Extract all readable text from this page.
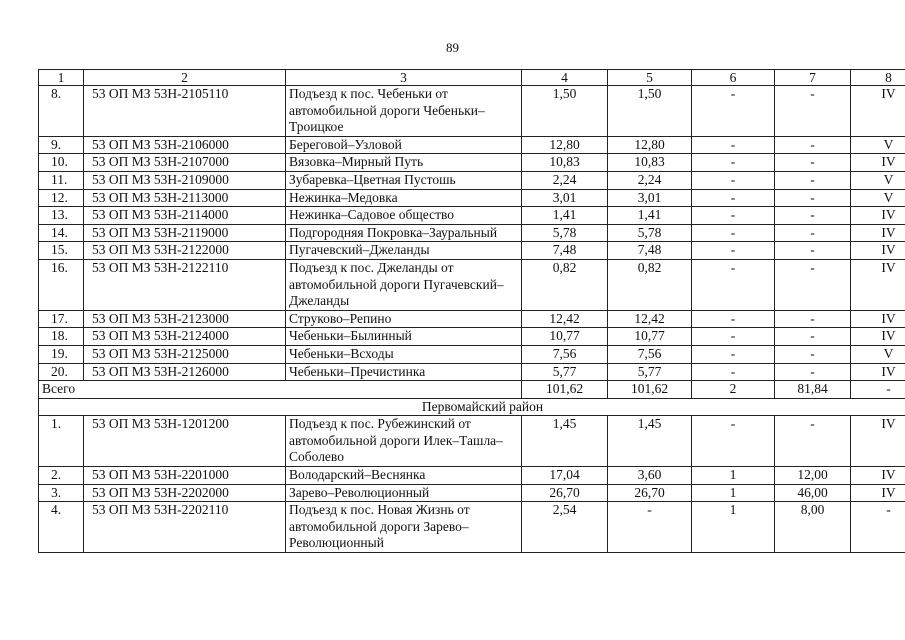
89
1	2	3	4	5	6	7	8
8.	53 ОП МЗ 53Н-2105110	Подъезд к пос. Чебеньки от автомобильной дороги Чебеньки–Троицкое	1,50	1,50	-	-	IV
9.	53 ОП МЗ 53Н-2106000	Береговой–Узловой	12,80	12,80	-	-	V
10.	53 ОП МЗ 53Н-2107000	Вязовка–Мирный Путь	10,83	10,83	-	-	IV
11.	53 ОП МЗ 53Н-2109000	Зубаревка–Цветная Пустошь	2,24	2,24	-	-	V
12.	53 ОП МЗ 53Н-2113000	Нежинка–Медовка	3,01	3,01	-	-	V
13.	53 ОП МЗ 53Н-2114000	Нежинка–Садовое общество	1,41	1,41	-	-	IV
14.	53 ОП МЗ 53Н-2119000	Подгородняя Покровка–Зауральный	5,78	5,78	-	-	IV
15.	53 ОП МЗ 53Н-2122000	Пугачевский–Джеланды	7,48	7,48	-	-	IV
16.	53 ОП МЗ 53Н-2122110	Подъезд к пос. Джеланды от автомобильной дороги Пугачевский–Джеланды	0,82	0,82	-	-	IV
17.	53 ОП МЗ 53Н-2123000	Струково–Репино	12,42	12,42	-	-	IV
18.	53 ОП МЗ 53Н-2124000	Чебеньки–Былинный	10,77	10,77	-	-	IV
19.	53 ОП МЗ 53Н-2125000	Чебеньки–Всходы	7,56	7,56	-	-	V
20.	53 ОП МЗ 53Н-2126000	Чебеньки–Пречистинка	5,77	5,77	-	-	IV
Всего			101,62	101,62	2	81,84	-
Первомайский район							
1.	53 ОП МЗ 53Н-1201200	Подъезд к пос. Рубежинский от автомобильной дороги Илек–Ташла–Соболево	1,45	1,45	-	-	IV
2.	53 ОП МЗ 53Н-2201000	Володарский–Веснянка	17,04	3,60	1	12,00	IV
3.	53 ОП МЗ 53Н-2202000	Зарево–Революционный	26,70	26,70	1	46,00	IV
4.	53 ОП МЗ 53Н-2202110	Подъезд к пос. Новая Жизнь от автомобильной дороги Зарево–Революционный	2,54	-	1	8,00	-
